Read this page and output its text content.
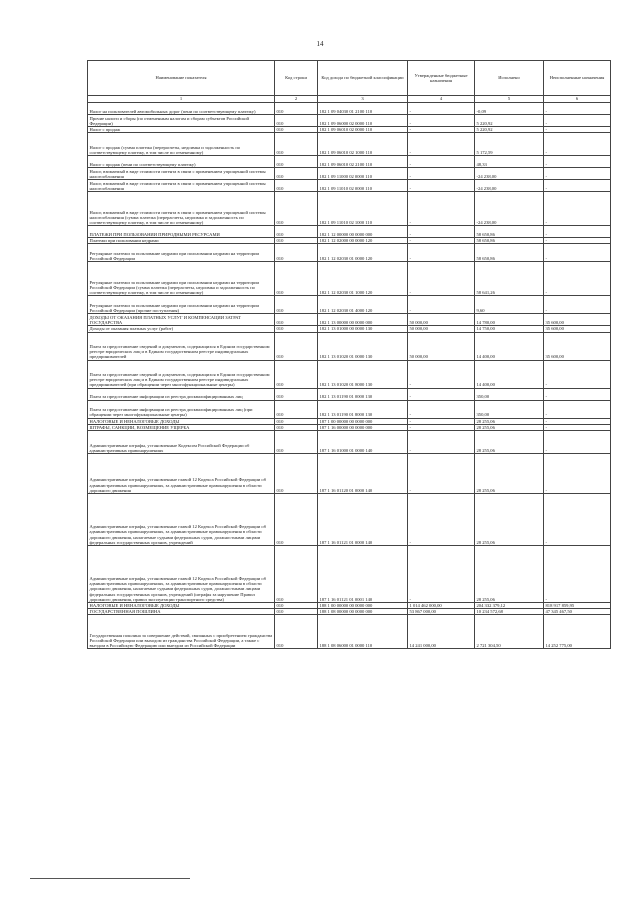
14
Наименование показателя	Код строки	Код дохода по бюджетной классификации	Утвержденные бюджетные назначения	Исполнено	Неисполненные назначения
1	2	3	4	5	6
Налог на пользователей автомобильных дорог (пени по соответствующему платежу)	010	182 1 09 04030 01 2100 110	-	-0,09	-
Прочие налоги и сборы (по отмененным налогам и сборам субъектов Российской Федерации)	010	182 1 09 06000 02 0000 110	-	5 220,92	-
Налог с продаж	010	182 1 09 06010 02 0000 110	-	5 220,92	-
Налог с продаж (сумма платежа (перерасчеты, недоимка и задолженность по соответствующему платежу, в том числе по отмененному)	010	182 1 09 06010 02 1000 110	-	5 172,59	-
Налог с продаж (пени по соответствующему платежу)	010	182 1 09 06010 02 2100 110	-	48,33	-
Налог, взимаемый в виде стоимости патента в связи с применением упрощенной системы налогообложения	010	182 1 09 11000 02 0000 110	-	-24 238,00	-
Налог, взимаемый в виде стоимости патента в связи с применением упрощенной системы налогообложения	010	182 1 09 11010 02 0000 110	-	-24 238,00	-
Налог, взимаемый в виде стоимости патента в связи с применением упрощенной системы налогообложения (сумма платежа (перерасчеты, недоимка и задолженность по соответствующему платежу, в том числе по отмененному)	010	182 1 09 11010 02 1000 110	-	-24 238,00	-
ПЛАТЕЖИ ПРИ ПОЛЬЗОВАНИИ ПРИРОДНЫМИ РЕСУРСАМИ	010	182 1 12 00000 00 0000 000	-	58 650,86	-
Платежи при пользовании недрами	010	182 1 12 02000 00 0000 120	-	58 650,86	-
Регулярные платежи за пользование недрами при пользовании недрами на территории Российской Федерации	010	182 1 12 02030 01 0000 120	-	58 650,86	-
Регулярные платежи за пользование недрами при пользовании недрами на территории Российской Федерации (сумма платежа (перерасчеты, недоимка и задолженность по соответствующему платежу, в том числе по отмененному)	010	182 1 12 02030 01 1000 120	-	58 641,26	-
Регулярные платежи за пользование недрами при пользовании недрами на территории Российской Федерации (прочие поступления)	010	182 1 12 02030 01 4000 120	-	9,60	-
ДОХОДЫ ОТ ОКАЗАНИЯ ПЛАТНЫХ УСЛУГ И КОМПЕНСАЦИИ ЗАТРАТ ГОСУДАРСТВА	010	182 1 13 00000 00 0000 000	50 000,00	14 780,00	35 600,00
Доходы от оказания платных услуг (работ)	010	182 1 13 01000 00 0000 130	50 000,00	14 750,00	35 600,00
Плата за предоставление сведений и документов, содержащихся в Едином государственном реестре юридических лиц и в Едином государственном реестре индивидуальных предпринимателей	010	182 1 13 01020 01 0000 130	50 000,00	14 400,00	35 600,00
Плата за предоставление сведений и документов, содержащихся в Едином государственном реестре юридических лиц и в Едином государственном реестре индивидуальных предпринимателей (при обращении через многофункциональные центры)	010	182 1 13 01020 01 8000 130	-	14 400,00	-
Плата за предоставление информации из реестра дисквалифицированных лиц	010	182 1 13 01190 01 0000 130	-	350,00	-
Плата за предоставление информации из реестра дисквалифицированных лиц (при обращении через многофункциональные центры)	010	182 1 13 01190 01 8000 130	-	350,00	-
НАЛОГОВЫЕ И НЕНАЛОГОВЫЕ ДОХОДЫ	010	187 1 00 00000 00 0000 000	-	28 255,06	-
ШТРАФЫ, САНКЦИИ, ВОЗМЕЩЕНИЕ УЩЕРБА	010	187 1 16 00000 00 0000 000	-	28 255,06	-
Административные штрафы, установленные Кодексом Российской Федерации об административных правонарушениях	010	187 1 16 01000 01 0000 140	-	28 255,06	-
Административные штрафы, установленные главой 12 Кодекса Российской Федерации об административных правонарушениях, за административные правонарушения в области дорожного движения	010	187 1 16 01120 01 0000 140	-	28 255,06	-
Административные штрафы, установленные главой 12 Кодекса Российской Федерации об административных правонарушениях, за административные правонарушения в области дорожного движения, налагаемые судьями федеральных судов, должностными лицами федеральных государственных органов, учреждений	010	187 1 16 01121 01 0000 140	-	28 255,06	-
Административные штрафы, установленные главой 12 Кодекса Российской Федерации об административных правонарушениях, за административные правонарушения в области дорожного движения, налагаемые судьями федеральных судов, должностными лицами федеральных государственных органов, учреждений (штрафы за нарушение Правил дорожного движения, правил эксплуатации транспортного средства)	010	187 1 16 01121 01 0001 140	-	28 255,06	-
НАЛОГОВЫЕ И НЕНАЛОГОВЫЕ ДОХОДЫ	010	188 1 00 00000 00 0000 000	1 014 462 000,00	204 332 379,12	818 917 859,95
ГОСУДАРСТВЕННАЯ ПОШЛИНА	010	188 1 08 00000 00 0000 000	53 867 000,00	10 234 572,68	47 345 467,50
Государственная пошлина за совершение действий, связанных с приобретением гражданства Российской Федерации или выходом из гражданства Российской Федерации, а также с въездом в Российскую Федерацию или выездом из Российской Федерации	010	188 1 08 06000 01 0000 110	14 241 000,00	2 721 304,50	14 252 775,00
